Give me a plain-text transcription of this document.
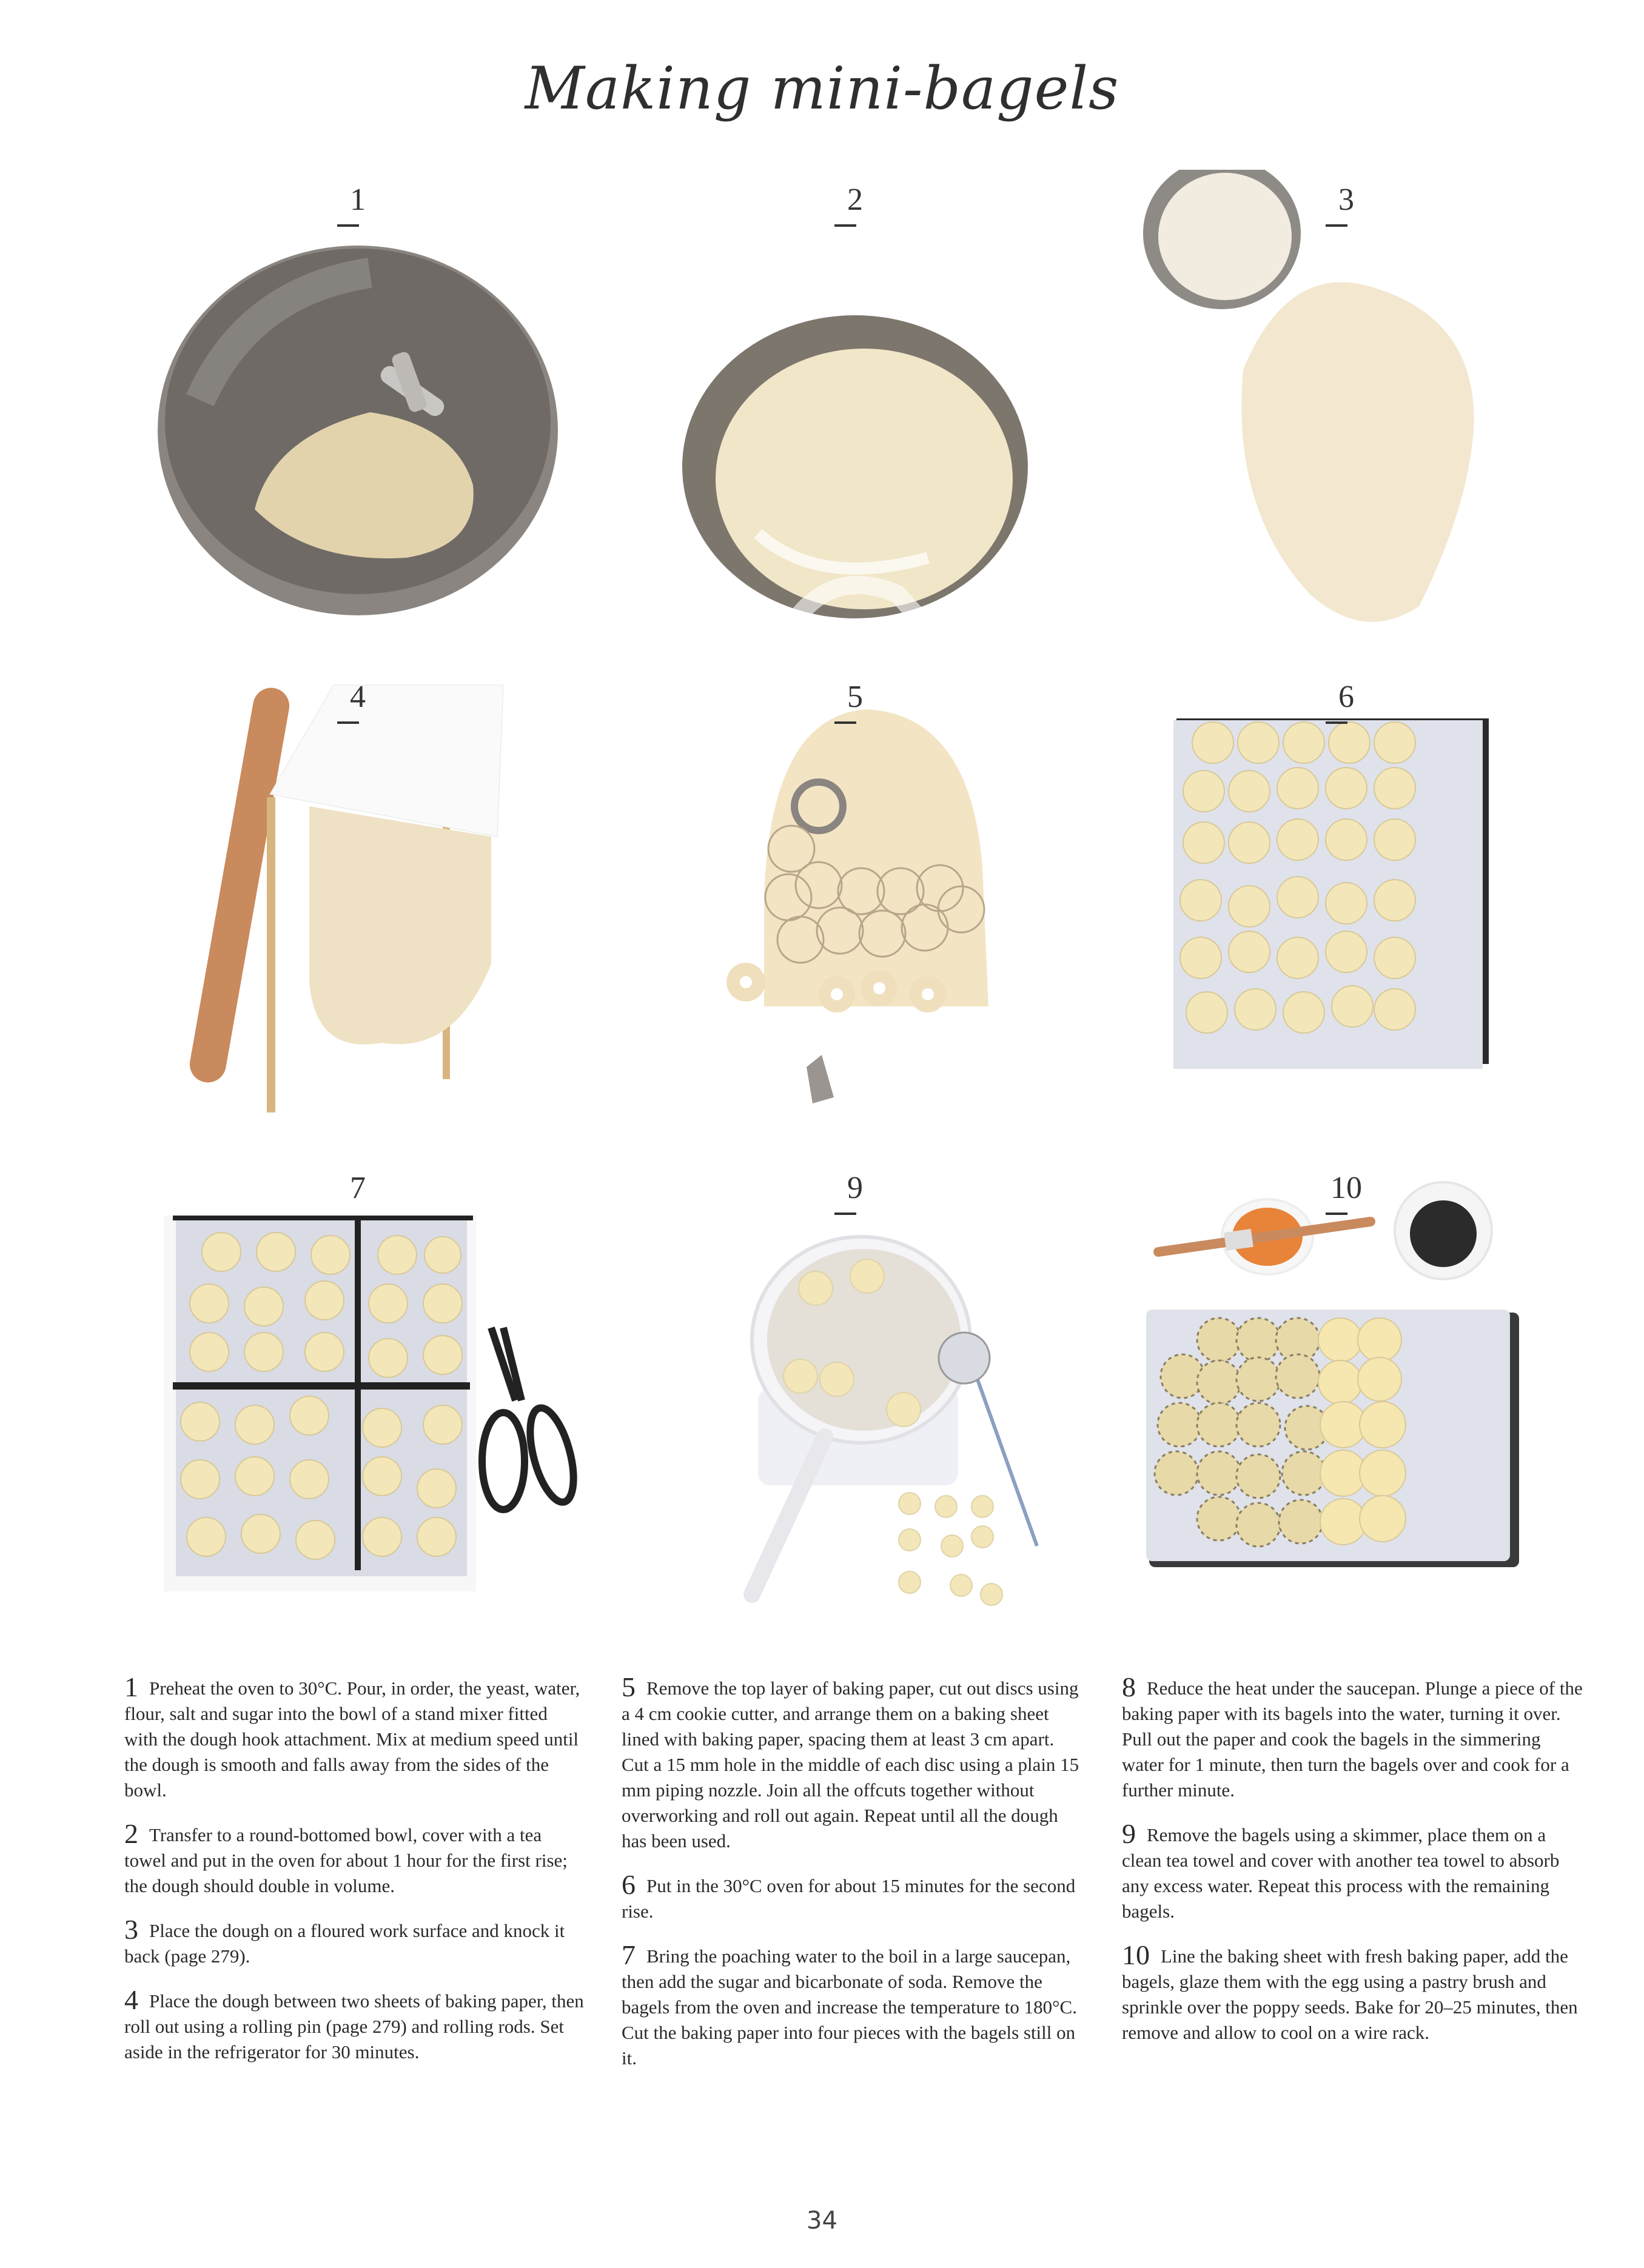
Making mini-bagels
1	2	3
4	5	6
7	9	10

1 Preheat the oven to 30°C. Pour, in order, the yeast, water, flour, salt and sugar into the bowl of a stand mixer fitted with the dough hook attachment. Mix at medium speed until the dough is smooth and falls away from the sides of the bowl.

2 Transfer to a round-bottomed bowl, cover with a tea towel and put in the oven for about 1 hour for the first rise; the dough should double in volume.

3 Place the dough on a floured work surface and knock it back (page 279).

4 Place the dough between two sheets of baking paper, then roll out using a rolling pin (page 279) and rolling rods. Set aside in the refrigerator for 30 minutes.

5 Remove the top layer of baking paper, cut out discs using a 4 cm cookie cutter, and arrange them on a baking sheet lined with baking paper, spacing them at least 3 cm apart. Cut a 15 mm hole in the middle of each disc using a plain 15 mm piping nozzle. Join all the offcuts together without overworking and roll out again. Repeat until all the dough has been used.

6 Put in the 30°C oven for about 15 minutes for the second rise.

7 Bring the poaching water to the boil in a large saucepan, then add the sugar and bicarbonate of soda. Remove the bagels from the oven and increase the temperature to 180°C. Cut the baking paper into four pieces with the bagels still on it.

8 Reduce the heat under the saucepan. Plunge a piece of the baking paper with its bagels into the water, turning it over. Pull out the paper and cook the bagels in the simmering water for 1 minute, then turn the bagels over and cook for a further minute.

9 Remove the bagels using a skimmer, place them on a clean tea towel and cover with another tea towel to absorb any excess water. Repeat this process with the remaining bagels.

10 Line the baking sheet with fresh baking paper, add the bagels, glaze them with the egg using a pastry brush and sprinkle over the poppy seeds. Bake for 20–25 minutes, then remove and allow to cool on a wire rack.

34
